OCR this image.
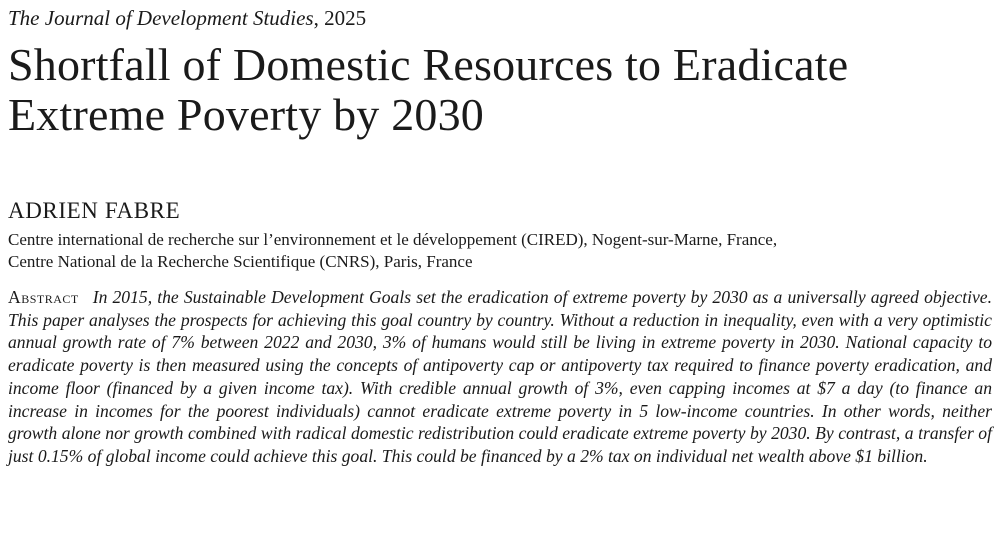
The Journal of Development Studies, 2025
Shortfall of Domestic Resources to Eradicate
Extreme Poverty by 2030
ADRIEN FABRE
Centre international de recherche sur l’environnement et le développement (CIRED), Nogent-sur-Marne, France,
Centre National de la Recherche Scientifique (CNRS), Paris, France
Abstract In 2015, the Sustainable Development Goals set the eradication of extreme poverty by 2030 as a universally agreed objective. This paper analyses the prospects for achieving this goal country by country. Without a reduction in inequality, even with a very optimistic annual growth rate of 7% between 2022 and 2030, 3% of humans would still be living in extreme poverty in 2030. National capacity to eradicate poverty is then measured using the concepts of antipoverty cap or antipoverty tax required to finance poverty eradication, and income floor (financed by a given income tax). With credible annual growth of 3%, even capping incomes at $7 a day (to finance an increase in incomes for the poorest individuals) cannot eradicate extreme poverty in 5 low-income countries. In other words, neither growth alone nor growth combined with radical domestic redistribution could eradicate extreme poverty by 2030. By contrast, a transfer of just 0.15% of global income could achieve this goal. This could be financed by a 2% tax on individual net wealth above $1 billion.
